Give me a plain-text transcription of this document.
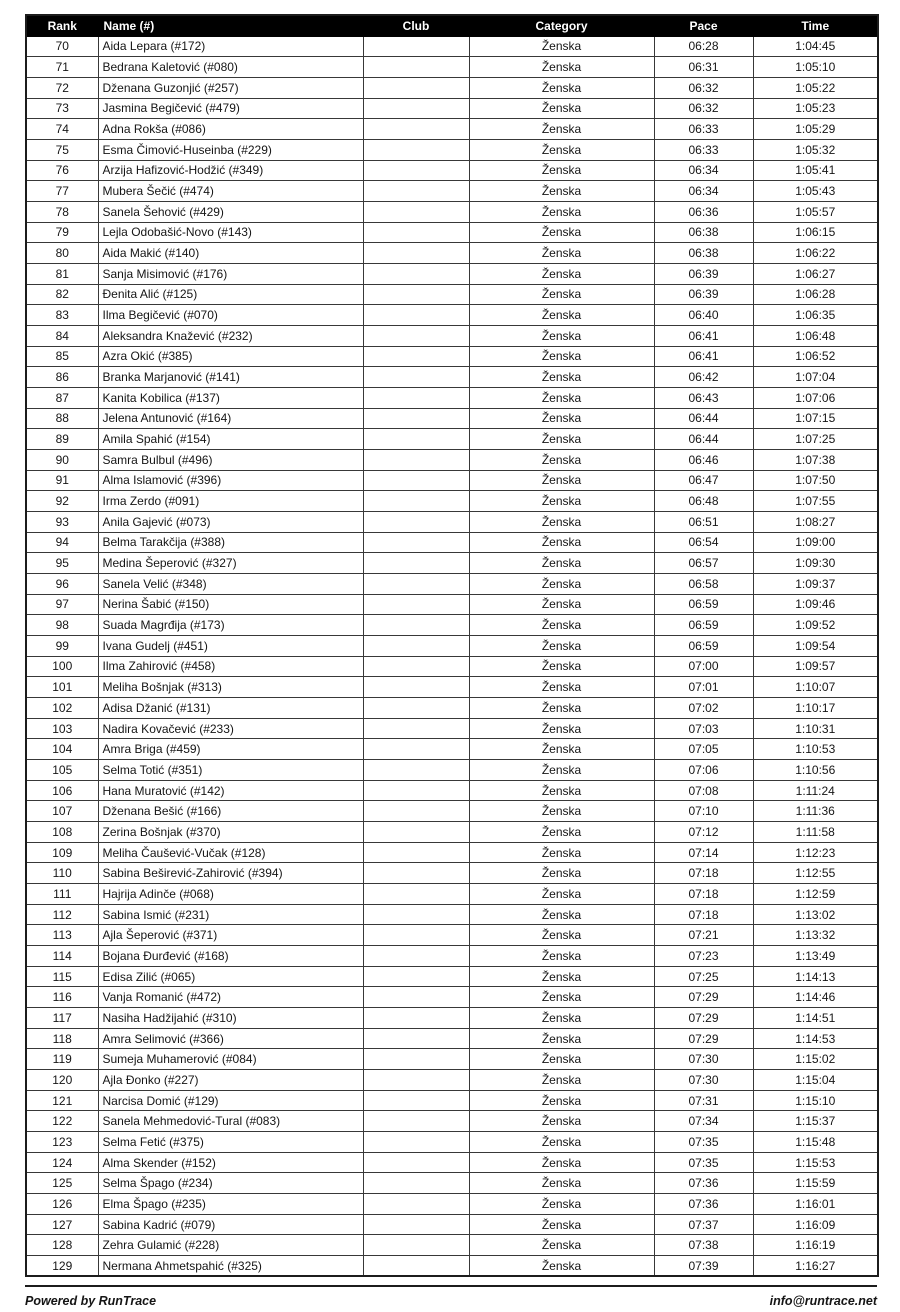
Rank	Name (#)	Club	Category	Pace	Time
70	Aida Lepara (#172)		Ženska	06:28	1:04:45
71	Bedrana Kaletović (#080)		Ženska	06:31	1:05:10
72	Dženana Guzonjić (#257)		Ženska	06:32	1:05:22
73	Jasmina Begičević (#479)		Ženska	06:32	1:05:23
74	Adna Rokša (#086)		Ženska	06:33	1:05:29
75	Esma Čimović-Huseinba (#229)		Ženska	06:33	1:05:32
76	Arzija Hafizović-Hodžić (#349)		Ženska	06:34	1:05:41
77	Mubera Šečić (#474)		Ženska	06:34	1:05:43
78	Sanela Šehović (#429)		Ženska	06:36	1:05:57
79	Lejla Odobašić-Novo (#143)		Ženska	06:38	1:06:15
80	Aida Makić (#140)		Ženska	06:38	1:06:22
81	Sanja Misimović (#176)		Ženska	06:39	1:06:27
82	Đenita Alić (#125)		Ženska	06:39	1:06:28
83	Ilma Begičević (#070)		Ženska	06:40	1:06:35
84	Aleksandra Knažević (#232)		Ženska	06:41	1:06:48
85	Azra Okić (#385)		Ženska	06:41	1:06:52
86	Branka Marjanović (#141)		Ženska	06:42	1:07:04
87	Kanita Kobilica (#137)		Ženska	06:43	1:07:06
88	Jelena Antunović (#164)		Ženska	06:44	1:07:15
89	Amila Spahić (#154)		Ženska	06:44	1:07:25
90	Samra Bulbul (#496)		Ženska	06:46	1:07:38
91	Alma Islamović (#396)		Ženska	06:47	1:07:50
92	Irma Zerdo (#091)		Ženska	06:48	1:07:55
93	Anila Gajević (#073)		Ženska	06:51	1:08:27
94	Belma Tarakčija (#388)		Ženska	06:54	1:09:00
95	Medina Šeperović (#327)		Ženska	06:57	1:09:30
96	Sanela Velić (#348)		Ženska	06:58	1:09:37
97	Nerina Šabić (#150)		Ženska	06:59	1:09:46
98	Suada Magrđija (#173)		Ženska	06:59	1:09:52
99	Ivana Gudelj (#451)		Ženska	06:59	1:09:54
100	Ilma Zahirović (#458)		Ženska	07:00	1:09:57
101	Meliha Bošnjak (#313)		Ženska	07:01	1:10:07
102	Adisa Džanić (#131)		Ženska	07:02	1:10:17
103	Nadira Kovačević (#233)		Ženska	07:03	1:10:31
104	Amra Briga (#459)		Ženska	07:05	1:10:53
105	Selma Totić (#351)		Ženska	07:06	1:10:56
106	Hana Muratović (#142)		Ženska	07:08	1:11:24
107	Dženana Bešić (#166)		Ženska	07:10	1:11:36
108	Zerina Bošnjak (#370)		Ženska	07:12	1:11:58
109	Meliha Čaušević-Vučak (#128)		Ženska	07:14	1:12:23
110	Sabina Beširević-Zahirović (#394)		Ženska	07:18	1:12:55
111	Hajrija Adinče (#068)		Ženska	07:18	1:12:59
112	Sabina Ismić (#231)		Ženska	07:18	1:13:02
113	Ajla Šeperović (#371)		Ženska	07:21	1:13:32
114	Bojana Đurđević (#168)		Ženska	07:23	1:13:49
115	Edisa Zilić (#065)		Ženska	07:25	1:14:13
116	Vanja Romanić (#472)		Ženska	07:29	1:14:46
117	Nasiha Hadžijahić (#310)		Ženska	07:29	1:14:51
118	Amra Selimović (#366)		Ženska	07:29	1:14:53
119	Sumeja Muhamerović (#084)		Ženska	07:30	1:15:02
120	Ajla Đonko (#227)		Ženska	07:30	1:15:04
121	Narcisa Domić (#129)		Ženska	07:31	1:15:10
122	Sanela Mehmedović-Tural (#083)		Ženska	07:34	1:15:37
123	Selma Fetić (#375)		Ženska	07:35	1:15:48
124	Alma Skender (#152)		Ženska	07:35	1:15:53
125	Selma Špago (#234)		Ženska	07:36	1:15:59
126	Elma Špago (#235)		Ženska	07:36	1:16:01
127	Sabina Kadrić (#079)		Ženska	07:37	1:16:09
128	Zehra Gulamić (#228)		Ženska	07:38	1:16:19
129	Nermana Ahmetspahić (#325)		Ženska	07:39	1:16:27
Powered by RunTrace	info@runtrace.net
